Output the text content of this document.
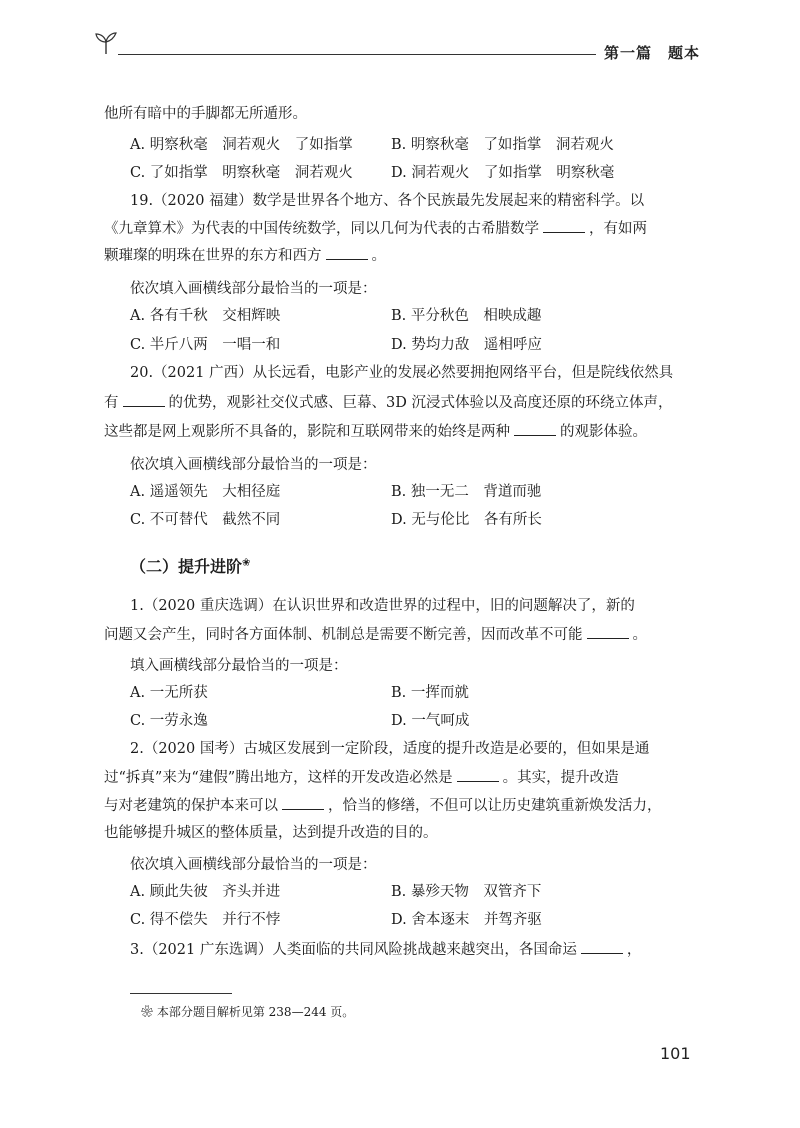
第一篇　题本
他所有暗中的手脚都无所遁形。
A. 明察秋毫　洞若观火　了如指掌	B. 明察秋毫　了如指掌　洞若观火
C. 了如指掌　明察秋毫　洞若观火	D. 洞若观火　了如指掌　明察秋毫
19.（2020 福建）数学是世界各个地方、各个民族最先发展起来的精密科学。以
《九章算术》为代表的中国传统数学，同以几何为代表的古希腊数学	，有如两
颗璀璨的明珠在世界的东方和西方	。
依次填入画横线部分最恰当的一项是：
A. 各有千秋　交相辉映	B. 平分秋色　相映成趣
C. 半斤八两　一唱一和	D. 势均力敌　遥相呼应
20.（2021 广西）从长远看，电影产业的发展必然要拥抱网络平台，但是院线依然具
有	的优势，观影社交仪式感、巨幕、3D 沉浸式体验以及高度还原的环绕立体声，
这些都是网上观影所不具备的，影院和互联网带来的始终是两种	的观影体验。
依次填入画横线部分最恰当的一项是：
A. 遥遥领先　大相径庭	B. 独一无二　背道而驰
C. 不可替代　截然不同	D. 无与伦比　各有所长
（二）提升进阶❀
1.（2020 重庆选调）在认识世界和改造世界的过程中，旧的问题解决了，新的
问题又会产生，同时各方面体制、机制总是需要不断完善，因而改革不可能	。
填入画横线部分最恰当的一项是：
A. 一无所获	B. 一挥而就
C. 一劳永逸	D. 一气呵成
2.（2020 国考）古城区发展到一定阶段，适度的提升改造是必要的，但如果是通
过“拆真”来为“建假”腾出地方，这样的开发改造必然是	。其实，提升改造
与对老建筑的保护本来可以	，恰当的修缮，不但可以让历史建筑重新焕发活力，
也能够提升城区的整体质量，达到提升改造的目的。
依次填入画横线部分最恰当的一项是：
A. 顾此失彼　齐头并进	B. 暴殄天物　双管齐下
C. 得不偿失　并行不悖	D. 舍本逐末　并驾齐驱
3.（2021 广东选调）人类面临的共同风险挑战越来越突出，各国命运	，
❀ 本部分题目解析见第 238—244 页。
101
